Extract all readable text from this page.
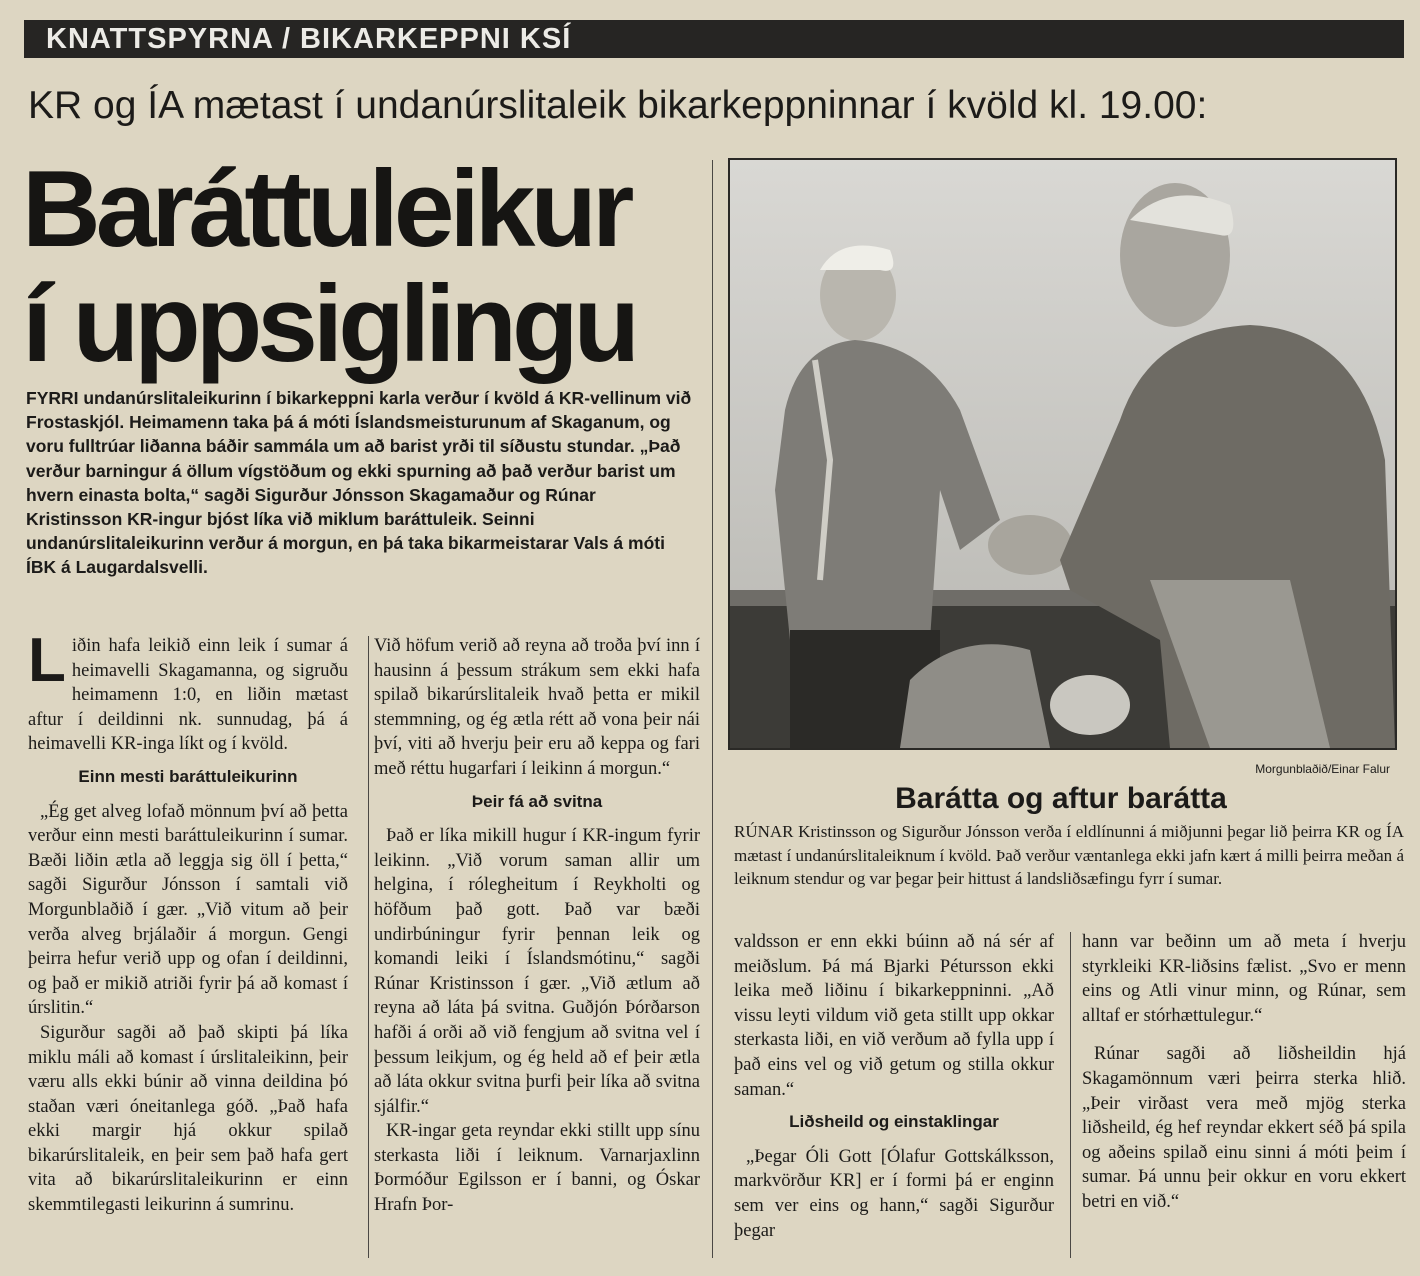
KNATTSPYRNA / BIKARKEPPNI KSÍ
KR og ÍA mætast í undanúrslitaleik bikarkeppninnar í kvöld kl. 19.00:
Baráttuleikur
í uppsiglingu
FYRRI undanúrslitaleikurinn í bikarkeppni karla verður í kvöld á KR-vellinum við Frostaskjól. Heimamenn taka þá á móti Íslandsmeisturunum af Skaganum, og voru fulltrúar liðanna báðir sammála um að barist yrði til síðustu stundar. „Það verður barningur á öllum vígstöðum og ekki spurning að það verður barist um hvern einasta bolta,“ sagði Sigurður Jónsson Skagamaður og Rúnar Kristinsson KR-ingur bjóst líka við miklum baráttuleik. Seinni undanúrslitaleikurinn verður á morgun, en þá taka bikarmeistarar Vals á móti ÍBK á Laugardalsvelli.

Liðin hafa leikið einn leik í sumar á heimavelli Skagamanna, og sigruðu heimamenn 1:0, en liðin mætast aftur í deildinni nk. sunnudag, þá á heimavelli KR-inga líkt og í kvöld.

Einn mesti baráttuleikurinn

„Ég get alveg lofað mönnum því að þetta verður einn mesti baráttuleikurinn í sumar. Bæði liðin ætla að leggja sig öll í þetta,“ sagði Sigurður Jónsson í samtali við Morgunblaðið í gær. „Við vitum að þeir verða alveg brjálaðir á morgun. Gengi þeirra hefur verið upp og ofan í deildinni, og það er mikið atriði fyrir þá að komast í úrslitin.“

Sigurður sagði að það skipti þá líka miklu máli að komast í úrslitaleikinn, þeir væru alls ekki búnir að vinna deildina þó staðan væri óneitanlega góð. „Það hafa ekki margir hjá okkur spilað bikarúrslitaleik, en þeir sem það hafa gert vita að bikarúrslitaleikurinn er einn skemmtilegasti leikurinn á sumrinu.

Við höfum verið að reyna að troða því inn í hausinn á þessum strákum sem ekki hafa spilað bikarúrslitaleik hvað þetta er mikil stemmning, og ég ætla rétt að vona þeir nái því, viti að hverju þeir eru að keppa og fari með réttu hugarfari í leikinn á morgun.“

Þeir fá að svitna

Það er líka mikill hugur í KR-ingum fyrir leikinn. „Við vorum saman allir um helgina, í rólegheitum í Reykholti og höfðum það gott. Það var bæði undirbúningur fyrir þennan leik og komandi leiki í Íslandsmótinu,“ sagði Rúnar Kristinsson í gær. „Við ætlum að reyna að láta þá svitna. Guðjón Þórðarson hafði á orði að við fengjum að svitna vel í þessum leikjum, og ég held að ef þeir ætla að láta okkur svitna þurfi þeir líka að svitna sjálfir.“

KR-ingar geta reyndar ekki stillt upp sínu sterkasta liði í leiknum. Varnarjaxlinn Þormóður Egilsson er í banni, og Óskar Hrafn Þor-

Morgunblaðið/Einar Falur
Barátta og aftur barátta
RÚNAR Kristinsson og Sigurður Jónsson verða í eldlínunni á miðjunni þegar lið þeirra KR og ÍA mætast í undanúrslitaleiknum í kvöld. Það verður væntanlega ekki jafn kært á milli þeirra meðan á leiknum stendur og var þegar þeir hittust á landsliðsæfingu fyrr í sumar.

valdsson er enn ekki búinn að ná sér af meiðslum. Þá má Bjarki Pétursson ekki leika með liðinu í bikarkeppninni. „Að vissu leyti vildum við geta stillt upp okkar sterkasta liði, en við verðum að fylla upp í það eins vel og við getum og stilla okkur saman.“

Liðsheild og einstaklingar

„Þegar Óli Gott [Ólafur Gottskálksson, markvörður KR] er í formi þá er enginn sem ver eins og hann,“ sagði Sigurður þegar

hann var beðinn um að meta í hverju styrkleiki KR-liðsins fælist. „Svo er menn eins og Atli vinur minn, og Rúnar, sem alltaf er stórhættulegur.“

Rúnar sagði að liðsheildin hjá Skagamönnum væri þeirra sterka hlið. „Þeir virðast vera með mjög sterka liðsheild, ég hef reyndar ekkert séð þá spila og aðeins spilað einu sinni á móti þeim í sumar. Þá unnu þeir okkur en voru ekkert betri en við.“
